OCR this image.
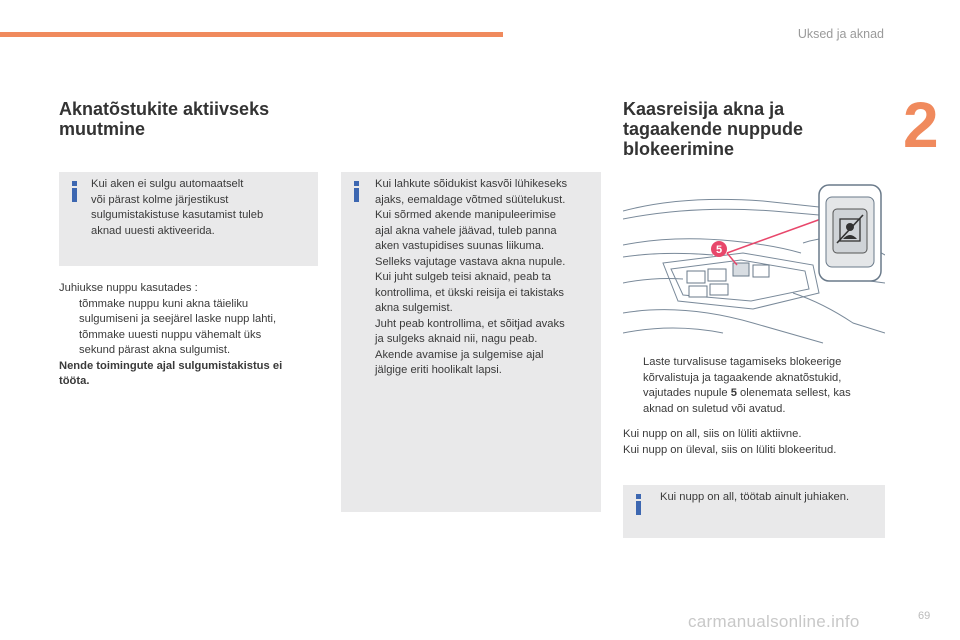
Uksed ja aknad
2
Aknatõstukite aktiivseks
muutmine
Kui aken ei sulgu automaatselt
või pärast kolme järjestikust
sulgumistakistuse kasutamist tuleb
aknad uuesti aktiveerida.
Juhiukse nuppu kasutades :
tõmmake nuppu kuni akna täieliku
sulgumiseni ja seejärel laske nupp lahti,
tõmmake uuesti nuppu vähemalt üks
sekund pärast akna sulgumist.
Nende toimingute ajal sulgumistakistus ei
tööta.
Kui lahkute sõidukist kasvõi lühikeseks
ajaks, eemaldage võtmed süütelukust.
Kui sõrmed akende manipuleerimise
ajal akna vahele jäävad, tuleb panna
aken vastupidises suunas liikuma.
Selleks vajutage vastava akna nupule.
Kui juht sulgeb teisi aknaid, peab ta
kontrollima, et ükski reisija ei takistaks
akna sulgemist.
Juht peab kontrollima, et sõitjad avaks
ja sulgeks aknaid nii, nagu peab.
Akende avamise ja sulgemise ajal
jälgige eriti hoolikalt lapsi.
Kaasreisija akna ja
tagaakende nuppude
blokeerimine
5
Laste turvalisuse tagamiseks blokeerige
kõrvalistuja ja tagaakende aknatõstukid,
vajutades nupule 5 olenemata sellest, kas
aknad on suletud või avatud.
Kui nupp on all, siis on lüliti aktiivne.
Kui nupp on üleval, siis on lüliti blokeeritud.
Kui nupp on all, töötab ainult juhiaken.
carmanualsonline.info	69
